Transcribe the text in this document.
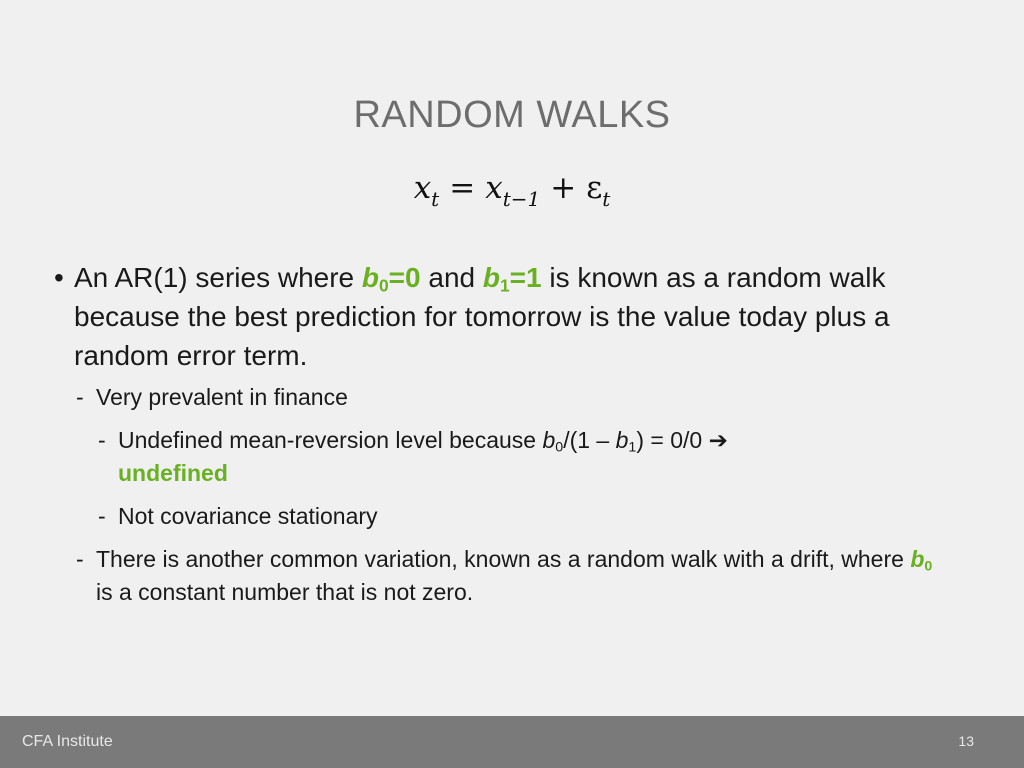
RANDOM WALKS
$x_t = x_{t-1} + \varepsilon_t$
• An AR(1) series where $b_0=0$ and $b_1=1$ is known as a random walk because the best prediction for tomorrow is the value today plus a random error term.
- Very prevalent in finance
- Undefined mean-reversion level because $b_0/(1 - b_1) = 0/0$ ➔
undefined
- Not covariance stationary
- There is another common variation, known as a random walk with a drift, where $b_0$ is a constant number that is not zero.
CFA Institute	13
